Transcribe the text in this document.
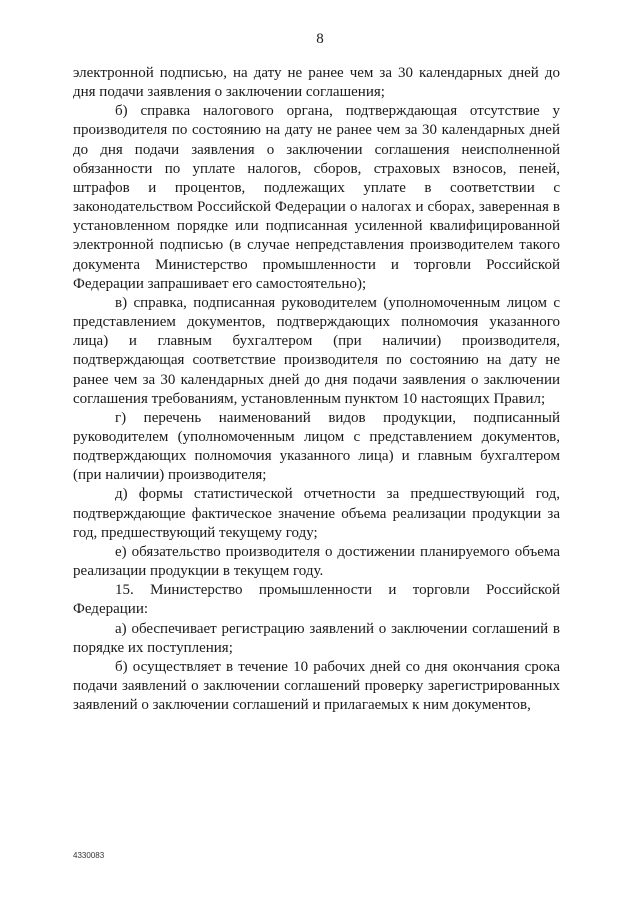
8

электронной подписью, на дату не ранее чем за 30 календарных дней до дня подачи заявления о заключении соглашения;

б) справка налогового органа, подтверждающая отсутствие у производителя по состоянию на дату не ранее чем за 30 календарных дней до дня подачи заявления о заключении соглашения неисполненной обязанности по уплате налогов, сборов, страховых взносов, пеней, штрафов и процентов, подлежащих уплате в соответствии с законодательством Российской Федерации о налогах и сборах, заверенная в установленном порядке или подписанная усиленной квалифицированной электронной подписью (в случае непредставления производителем такого документа Министерство промышленности и торговли Российской Федерации запрашивает его самостоятельно);

в) справка, подписанная руководителем (уполномоченным лицом с представлением документов, подтверждающих полномочия указанного лица) и главным бухгалтером (при наличии) производителя, подтверждающая соответствие производителя по состоянию на дату не ранее чем за 30 календарных дней до дня подачи заявления о заключении соглашения требованиям, установленным пунктом 10 настоящих Правил;

г) перечень наименований видов продукции, подписанный руководителем (уполномоченным лицом с представлением документов, подтверждающих полномочия указанного лица) и главным бухгалтером (при наличии) производителя;

д) формы статистической отчетности за предшествующий год, подтверждающие фактическое значение объема реализации продукции за год, предшествующий текущему году;

е) обязательство производителя о достижении планируемого объема реализации продукции в текущем году.

15. Министерство промышленности и торговли Российской Федерации:

а) обеспечивает регистрацию заявлений о заключении соглашений в порядке их поступления;

б) осуществляет в течение 10 рабочих дней со дня окончания срока подачи заявлений о заключении соглашений проверку зарегистрированных заявлений о заключении соглашений и прилагаемых к ним документов,

4330083
